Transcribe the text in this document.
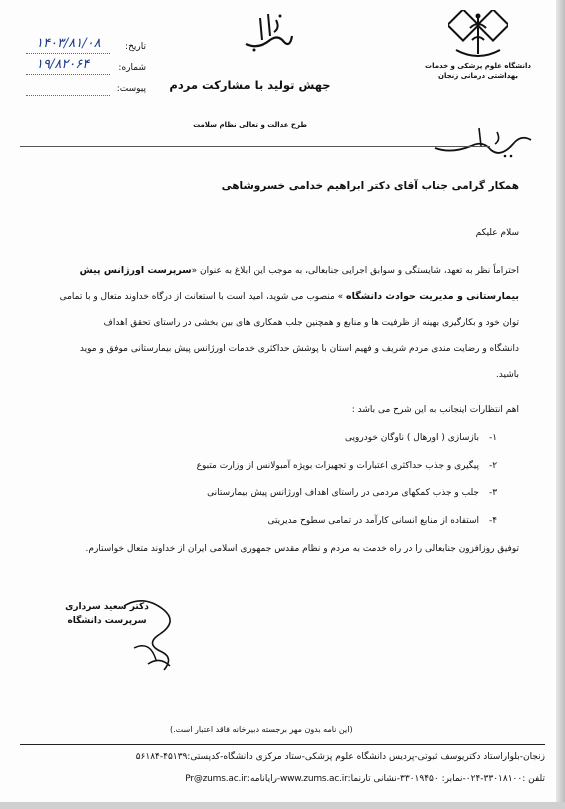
دانشگاه علوم پزشکی و خدمات
بهداشتی درمانی زنجان
جهش تولید با مشارکت مردم
طرح عدالت و تعالی نظام سلامت
تاریخ:
۱۴۰۳/۸۱/۰۸
شماره:
۱۹/۸۲۰۶۴
پیوست:
همکار گرامی جناب آقای دکتر ابراهیم خدامی خسروشاهی
سلام علیکم
احتراماً نظر به تعهد، شایستگی و سوابق اجرایی جنابعالی، به موجب این ابلاغ به عنوان «سرپرست اورژانس پیش
بیمارستانی و مدیریت حوادث دانشگاه » منصوب می شوید، امید است با استعانت از درگاه خداوند متعال و با تمامی
توان خود و بکارگیری بهینه از ظرفیت ها و منابع و همچنین جلب همکاری های بین بخشی در راستای تحقق اهداف
دانشگاه و رضایت مندی مردم شریف و فهیم استان با پوشش حداکثری خدمات اورژانس پیش بیمارستانی موفق و موید
باشید.
اهم انتظارات اینجانب به این شرح می باشد :
۱-بازسازی ( اورهال ) ناوگان خودرویی
۲-پیگیری و جذب حداکثری اعتبارات و تجهیزات بویژه آمبولانس از وزارت متبوع
۳-جلب و جذب کمکهای مردمی در راستای اهداف اورژانس پیش بیمارستانی
۴-استفاده از منابع انسانی کارآمد در تمامی سطوح مدیریتی
توفیق روزافزون جنابعالی را در راه خدمت به مردم و نظام مقدس جمهوری اسلامی ایران از خداوند متعال خواستارم.
دکتر سعید سرداری
سرپرست دانشگاه
(این نامه بدون مهر برجسته دبیرخانه فاقد اعتبار است.)
زنجان-بلواراستاد دکتریوسف ثبوتی-پردیس دانشگاه علوم پزشکی-ستاد مرکزی دانشگاه-کدپستی:۴۵۱۳۹-۵۶۱۸۴
تلفن :۳۳۰۱۸۱۰۰-۰۲۴-نمابر: ۳۳۰۱۹۴۵۰-نشانی تارنما:www.zums.ac.ir-رایانامه:Pr@zums.ac.ir
